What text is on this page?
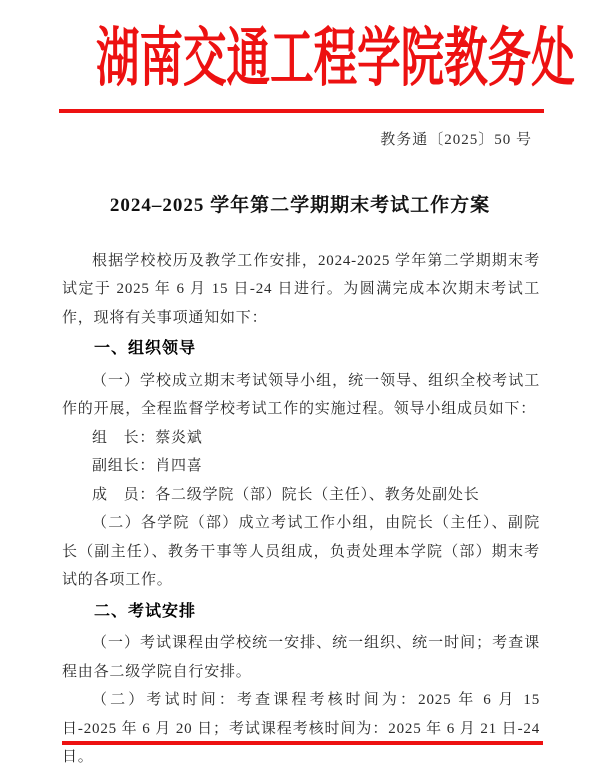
湖南交通工程学院教务处
教务通〔2025〕50 号
2024–2025 学年第二学期期末考试工作方案

根据学校校历及教学工作安排，2024-2025 学年第二学期期末考试定于 2025 年 6 月 15 日-24 日进行。为圆满完成本次期末考试工作，现将有关事项通知如下：

一、组织领导

（一）学校成立期末考试领导小组，统一领导、组织全校考试工作的开展，全程监督学校考试工作的实施过程。领导小组成员如下：

组　长：蔡炎斌

副组长：肖四喜

成　员：各二级学院（部）院长（主任）、教务处副处长

（二）各学院（部）成立考试工作小组，由院长（主任）、副院长（副主任）、教务干事等人员组成，负责处理本学院（部）期末考试的各项工作。

二、考试安排

（一）考试课程由学校统一安排、统一组织、统一时间；考查课程由各二级学院自行安排。

（二）考试时间：考查课程考核时间为：2025 年 6 月 15 日-2025 年 6 月 20 日；考试课程考核时间为：2025 年 6 月 21 日-24 日。
